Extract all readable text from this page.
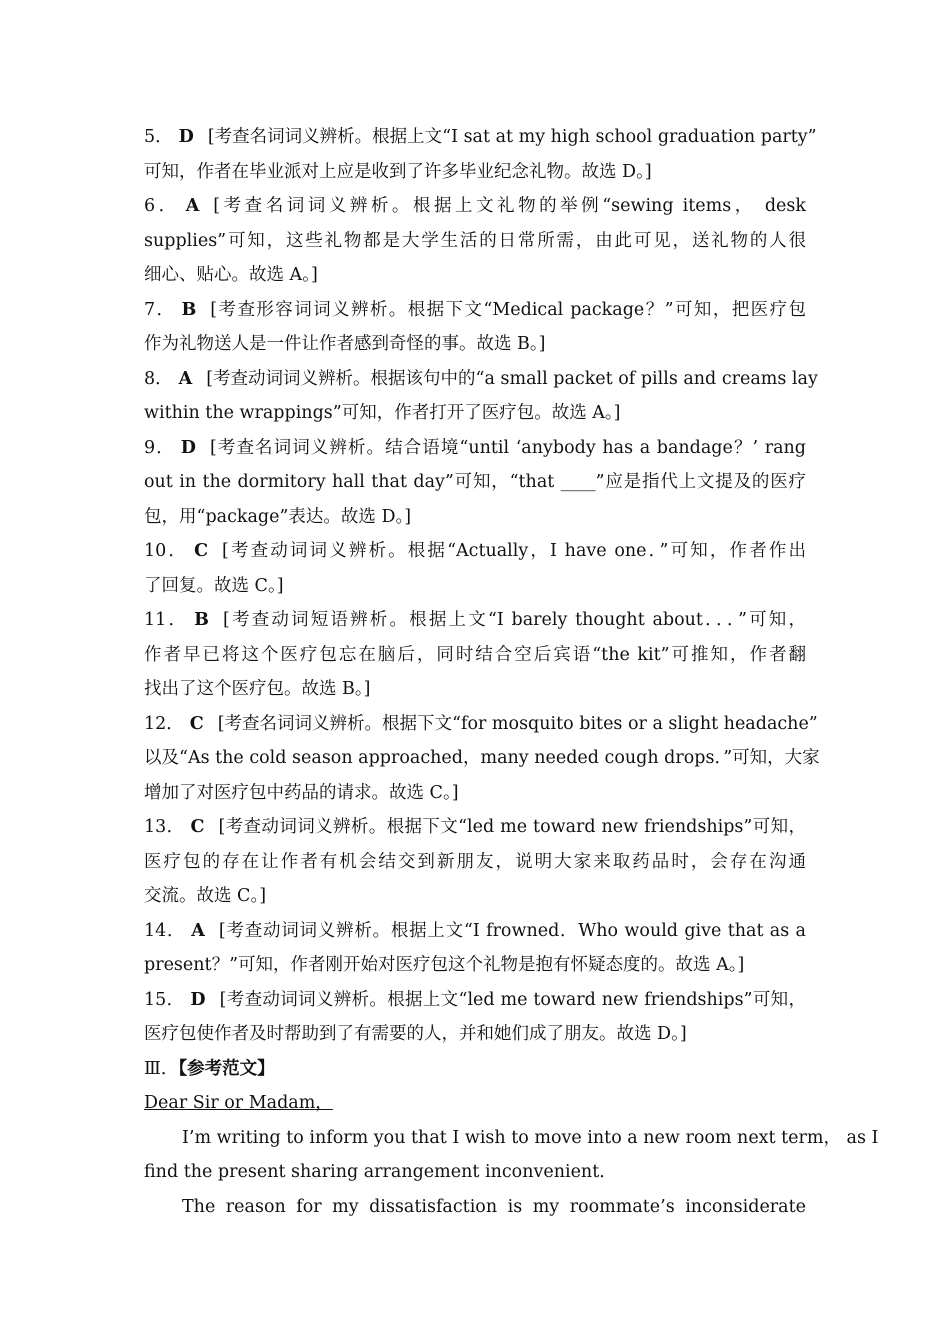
5． D [考查名词词义辨析。根据上文“I sat at my high school graduation party”
可知，作者在毕业派对上应是收到了许多毕业纪念礼物。故选 D。]
6． A [考查名词词义辨析。根据上文礼物的举例“sewing items， desk
supplies”可知，这些礼物都是大学生活的日常所需，由此可见，送礼物的人很
细心、贴心。故选 A。]
7． B [考查形容词词义辨析。根据下文“Medical package？”可知，把医疗包
作为礼物送人是一件让作者感到奇怪的事。故选 B。]
8． A [考查动词词义辨析。根据该句中的“a small packet of pills and creams lay
within the wrappings”可知，作者打开了医疗包。故选 A。]
9． D [考查名词词义辨析。结合语境“until ‘anybody has a bandage？’ rang
out in the dormitory hall that day”可知，“that ____”应是指代上文提及的医疗
包，用“package”表达。故选 D。]
10． C [考查动词词义辨析。根据“Actually，I have one．”可知，作者作出
了回复。故选 C。]
11． B [考查动词短语辨析。根据上文“I barely thought about．．．”可知，
作者早已将这个医疗包忘在脑后，同时结合空后宾语“the kit”可推知，作者翻
找出了这个医疗包。故选 B。]
12． C [考查名词词义辨析。根据下文“for mosquito bites or a slight headache”
以及“As the cold season approached，many needed cough drops．”可知，大家
增加了对医疗包中药品的请求。故选 C。]
13． C [考查动词词义辨析。根据下文“led me toward new friendships”可知，
医疗包的存在让作者有机会结交到新朋友，说明大家来取药品时，会存在沟通
交流。故选 C。]
14． A [考查动词词义辨析。根据上文“I frowned．Who would give that as a
present？”可知，作者刚开始对医疗包这个礼物是抱有怀疑态度的。故选 A。]
15． D [考查动词词义辨析。根据上文“led me toward new friendships”可知，
医疗包使作者及时帮助到了有需要的人，并和她们成了朋友。故选 D。]
Ⅲ．【参考范文】
Dear Sir or Madam，
I’m writing to inform you that I wish to move into a new room next term， as I
find the present sharing arrangement inconvenient．
The reason for my dissatisfaction is my roommate’s inconsiderate
